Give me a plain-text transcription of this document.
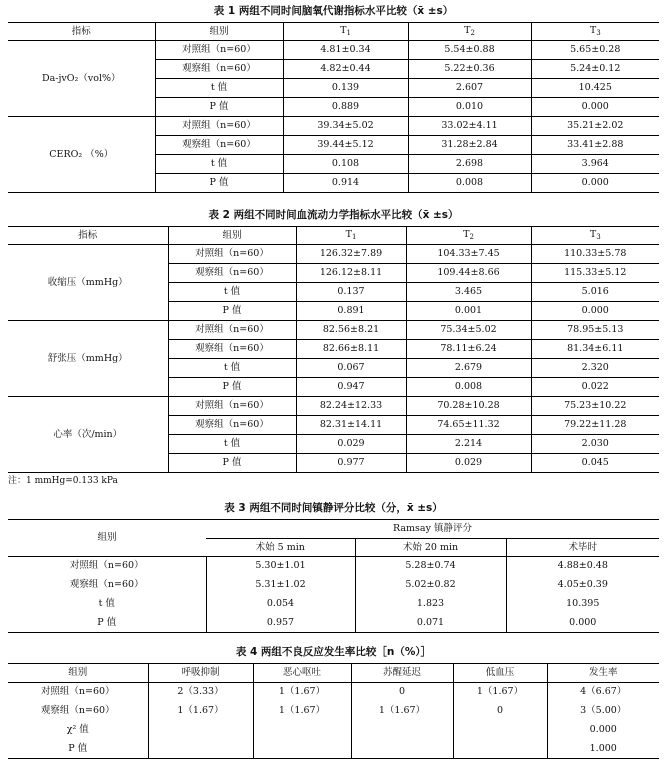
表 1 两组不同时间脑氧代谢指标水平比较（x̄ ±s）
指标	组别	$T_1$	$T_2$	$T_3$
Da-jvO₂（vol%）	对照组（n=60）	4.81±0.34	5.54±0.88	5.65±0.28
	观察组（n=60）	4.82±0.44	5.22±0.36	5.24±0.12
	t 值	0.139	2.607	10.425
	P 值	0.889	0.010	0.000
CERO₂ （%）	对照组（n=60）	39.34±5.02	33.02±4.11	35.21±2.02
	观察组（n=60）	39.44±5.12	31.28±2.84	33.41±2.88
	t 值	0.108	2.698	3.964
	P 值	0.914	0.008	0.000
表 2 两组不同时间血流动力学指标水平比较（x̄ ±s）
指标	组别	$T_1$	$T_2$	$T_3$
收缩压（mmHg）	对照组（n=60）	126.32±7.89	104.33±7.45	110.33±5.78
	观察组（n=60）	126.12±8.11	109.44±8.66	115.33±5.12
	t 值	0.137	3.465	5.016
	P 值	0.891	0.001	0.000
舒张压（mmHg）	对照组（n=60）	82.56±8.21	75.34±5.02	78.95±5.13
	观察组（n=60）	82.66±8.11	78.11±6.24	81.34±6.11
	t 值	0.067	2.679	2.320
	P 值	0.947	0.008	0.022
心率（次/min）	对照组（n=60）	82.24±12.33	70.28±10.28	75.23±10.22
	观察组（n=60）	82.31±14.11	74.65±11.32	79.22±11.28
	t 值	0.029	2.214	2.030
	P 值	0.977	0.029	0.045
注：1 mmHg=0.133 kPa
表 3 两组不同时间镇静评分比较（分，x̄ ±s）
组别	Ramsay 镇静评分		
	术始 5 min	术始 20 min	术毕时
对照组（n=60）	5.30±1.01	5.28±0.74	4.88±0.48
观察组（n=60）	5.31±1.02	5.02±0.82	4.05±0.39
t 值	0.054	1.823	10.395
P 值	0.957	0.071	0.000
表 4 两组不良反应发生率比较［n（%）］
组别	呼吸抑制	恶心呕吐	苏醒延迟	低血压	发生率
对照组（n=60）	2（3.33）	1（1.67）	0	1（1.67）	4（6.67）
观察组（n=60）	1（1.67）	1（1.67）	1（1.67）	0	3（5.00）
χ² 值					0.000
P 值					1.000
